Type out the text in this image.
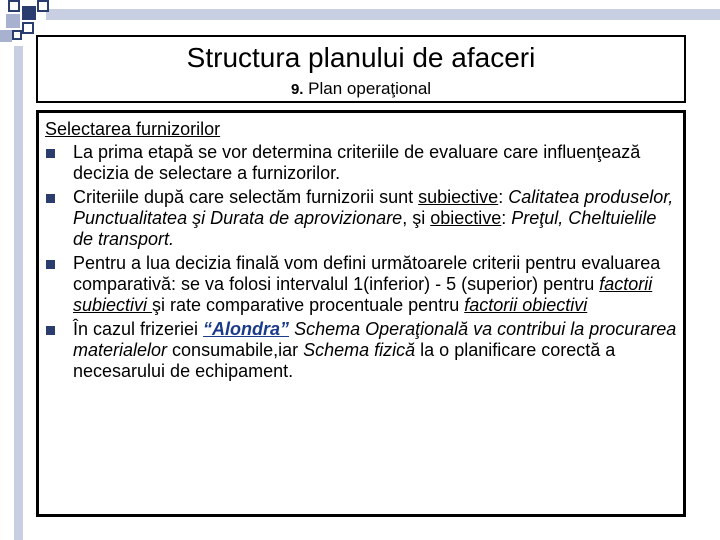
Structura planului de afaceri
9. Plan operaţional
Selectarea furnizorilor
La prima etapă se vor determina criteriile de evaluare care influenţează decizia de selectare a furnizorilor.
Criteriile după care selectăm furnizorii sunt subiective: Calitatea produselor, Punctualitatea şi Durata de aprovizionare, şi obiective: Preţul, Cheltuielile de transport.
Pentru a lua decizia finală vom defini următoarele criterii pentru evaluarea comparativă: se va folosi intervalul 1(inferior) - 5 (superior) pentru factorii subiectivi şi rate comparative procentuale pentru factorii obiectivi
În cazul frizeriei “Alondra” Schema Operaţională va contribui la procurarea materialelor consumabile,iar Schema fizică la o planificare corectă a necesarului de echipament.
